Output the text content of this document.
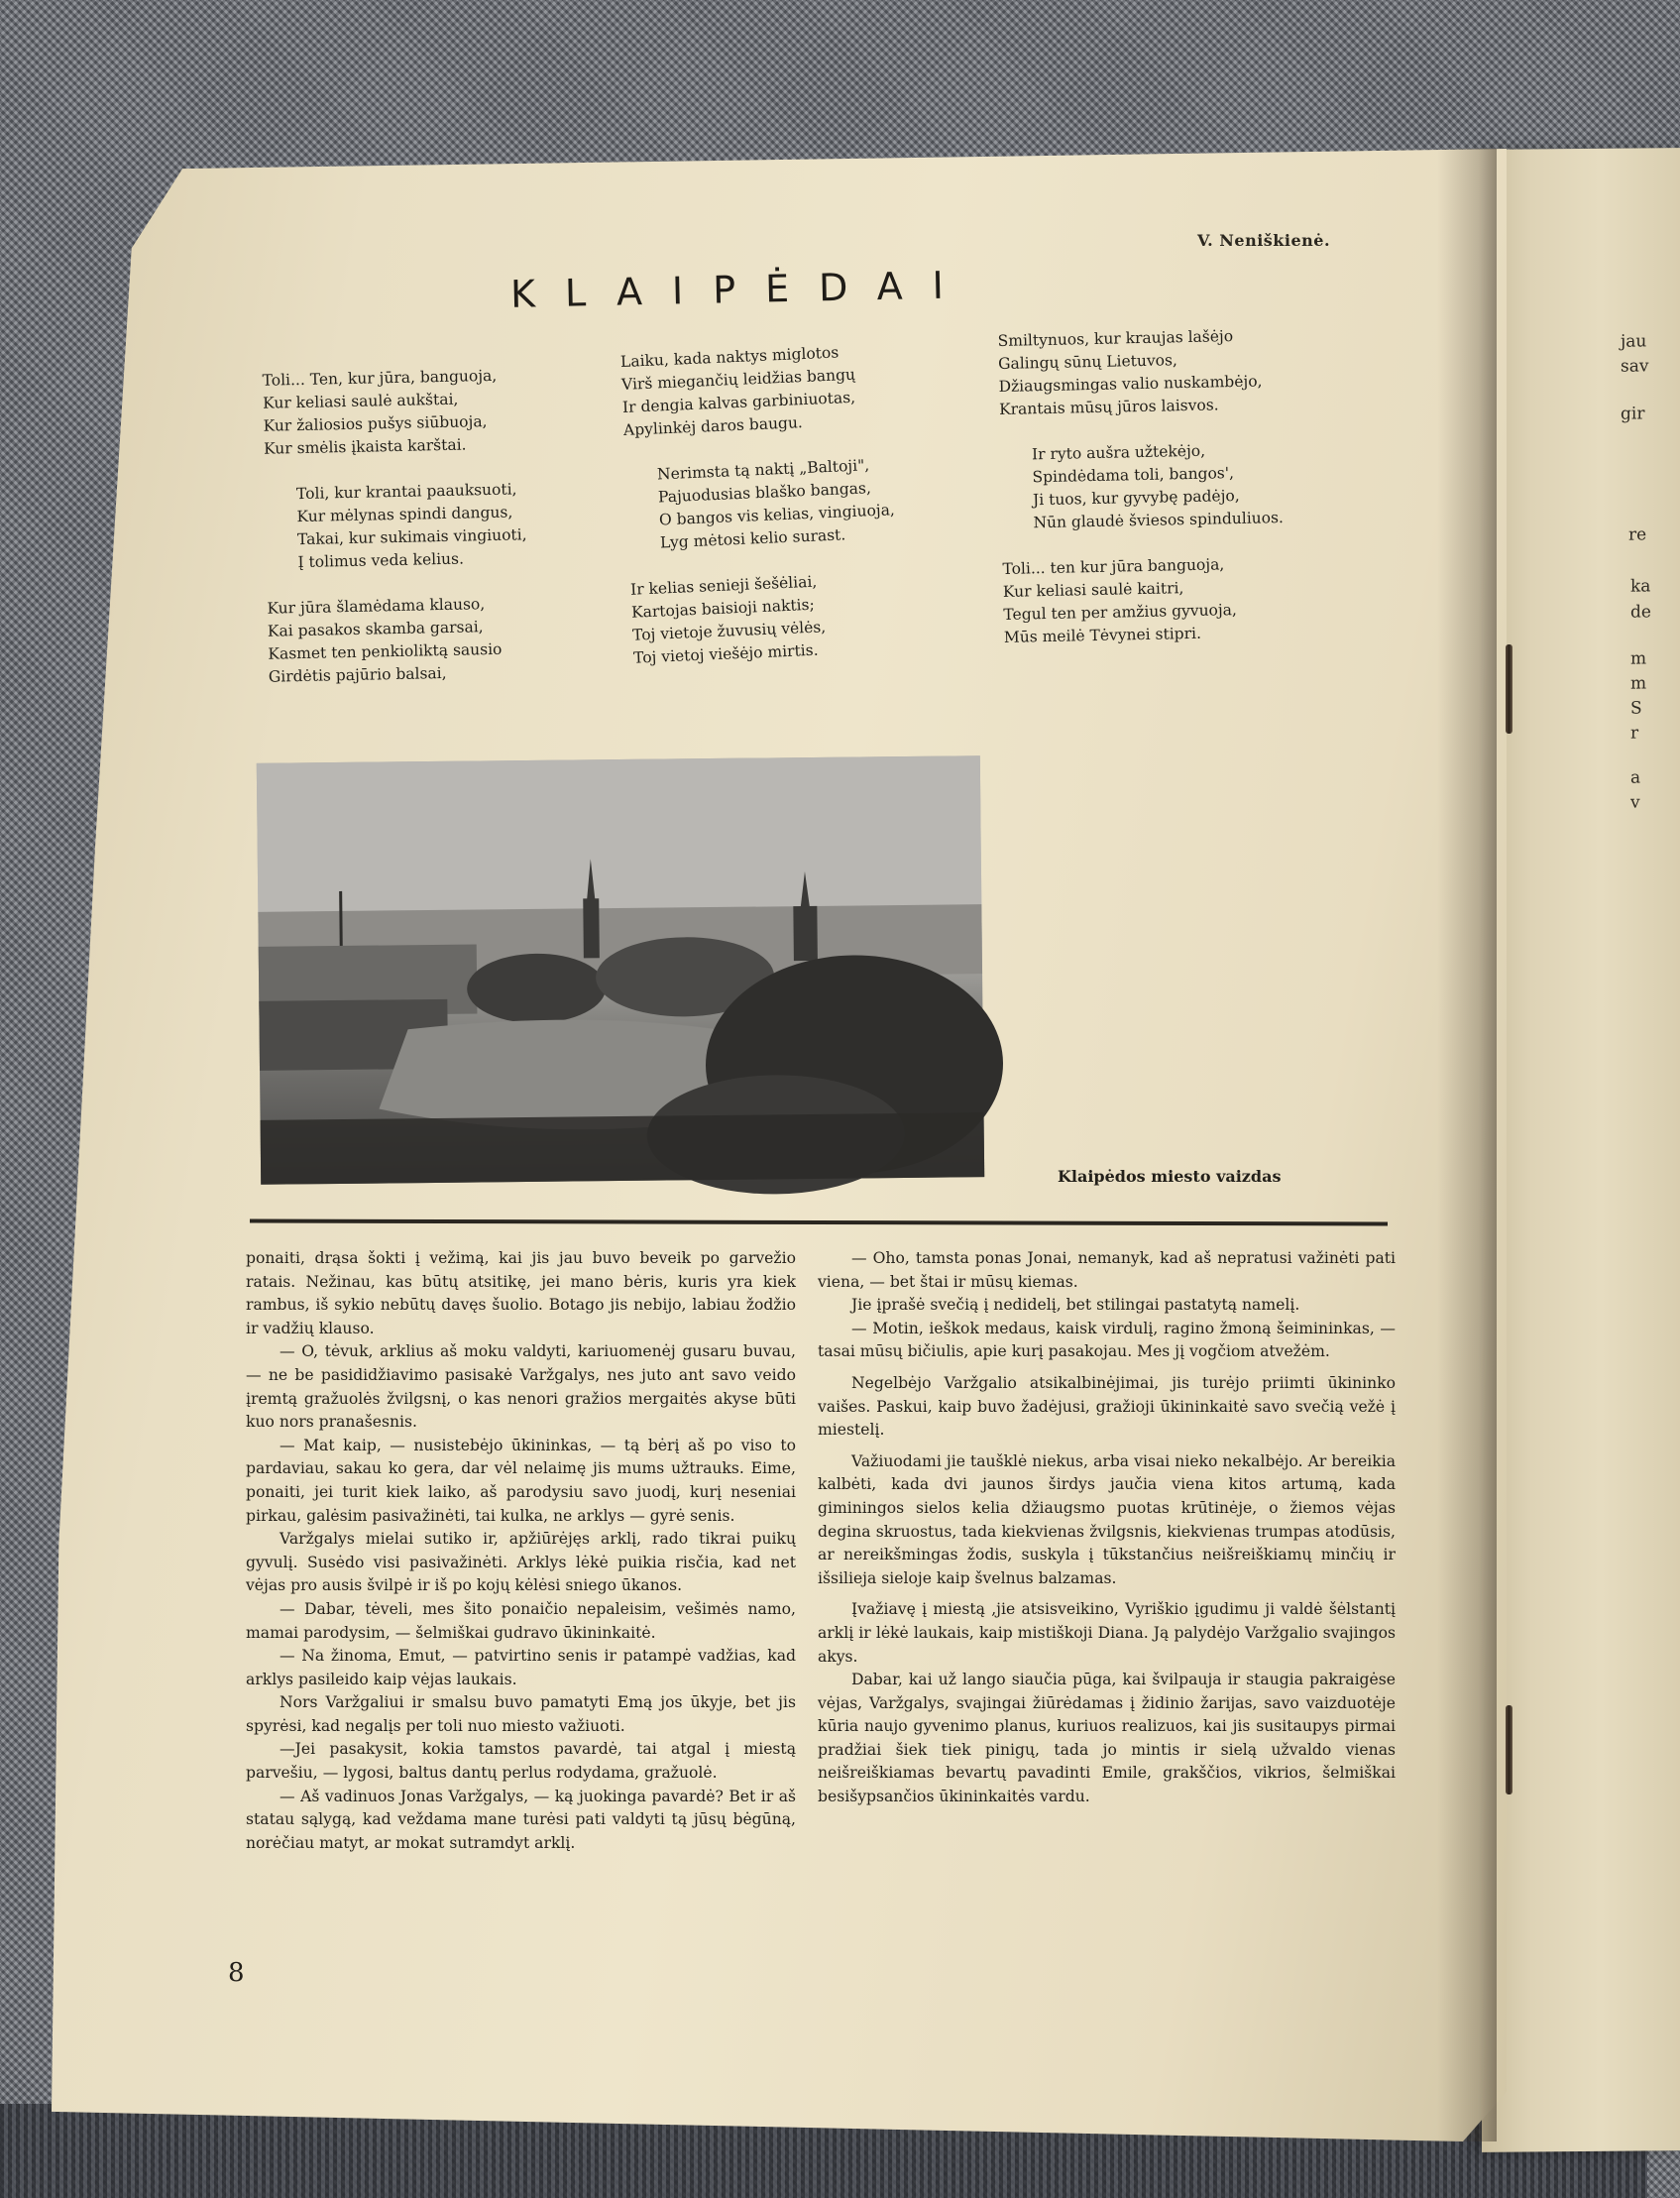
jau
sav
gir
re
ka
de
m
m
S
r
a
v
V. Neniškienė.
KLAIPĖDAI
Toli... Ten, kur jūra, banguoja,
Kur keliasi saulė aukštai,
Kur žaliosios pušys siūbuoja,
Kur smėlis įkaista karštai.
Toli, kur krantai paauksuoti,
Kur mėlynas spindi dangus,
Takai, kur sukimais vingiuoti,
Į tolimus veda kelius.
Kur jūra šlamėdama klauso,
Kai pasakos skamba garsai,
Kasmet ten penkioliktą sausio
Girdėtis pajūrio balsai,
Laiku, kada naktys miglotos
Virš miegančių leidžias bangų
Ir dengia kalvas garbiniuotas,
Apylinkėj daros baugu.
Nerimsta tą naktį „Baltoji",
Pajuodusias blaško bangas,
O bangos vis kelias, vingiuoja,
Lyg mėtosi kelio surast.
Ir kelias senieji šešėliai,
Kartojas baisioji naktis;
Toj vietoje žuvusių vėlės,
Toj vietoj viešėjo mirtis.
Smiltynuos, kur kraujas lašėjo
Galingų sūnų Lietuvos,
Džiaugsmingas valio nuskambėjo,
Krantais mūsų jūros laisvos.
Ir ryto aušra užtekėjo,
Spindėdama toli, bangos',
Ji tuos, kur gyvybę padėjo,
Nūn glaudė šviesos spinduliuos.
Toli... ten kur jūra banguoja,
Kur keliasi saulė kaitri,
Tegul ten per amžius gyvuoja,
Mūs meilė Tėvynei stipri.
Klaipėdos miesto vaizdas

ponaiti, drąsa šokti į vežimą, kai jis jau buvo beveik po garvežio ratais. Nežinau, kas būtų atsitikę, jei mano bėris, kuris yra kiek rambus, iš sykio nebūtų davęs šuolio. Botago jis nebijo, labiau žodžio ir vadžių klauso.

— O, tėvuk, arklius aš moku valdyti, kariuomenėj gusaru buvau, — ne be pasididžiavimo pasisakė Varžgalys, nes juto ant savo veido įremtą gražuolės žvilgsnį, o kas nenori gražios mergaitės akyse būti kuo nors pranašesnis.

— Mat kaip, — nusistebėjo ūkininkas, — tą bėrį aš po viso to pardaviau, sakau ko gera, dar vėl nelaimę jis mums užtrauks. Eime, ponaiti, jei turit kiek laiko, aš parodysiu savo juodį, kurį neseniai pirkau, galėsim pasivažinėti, tai kulka, ne arklys — gyrė senis.

Varžgalys mielai sutiko ir, apžiūrėjęs arklį, rado tikrai puikų gyvulį. Susėdo visi pasivažinėti. Arklys lėkė puikia risčia, kad net vėjas pro ausis švilpė ir iš po kojų kėlėsi sniego ūkanos.

— Dabar, tėveli, mes šito ponaičio nepaleisim, vešimės namo, mamai parodysim, — šelmiškai gudravo ūkininkaitė.

— Na žinoma, Emut, — patvirtino senis ir patampė vadžias, kad arklys pasileido kaip vėjas laukais.

Nors Varžgaliui ir smalsu buvo pamatyti Emą jos ūkyje, bet jis spyrėsi, kad negalįs per toli nuo miesto važiuoti.

—Jei pasakysit, kokia tamstos pavardė, tai atgal į miestą parvešiu, — lygosi, baltus dantų perlus rodydama, gražuolė.

— Aš vadinuos Jonas Varžgalys, — ką juokinga pavardė? Bet ir aš statau sąlygą, kad veždama mane turėsi pati valdyti tą jūsų bėgūną, norėčiau matyt, ar mokat sutramdyt arklį.

— Oho, tamsta ponas Jonai, nemanyk, kad aš nepratusi važinėti pati viena, — bet štai ir mūsų kiemas.

Jie įprašė svečią į nedidelį, bet stilingai pastatytą namelį.

— Motin, ieškok medaus, kaisk virdulį, ragino žmoną šeimininkas, — tasai mūsų bičiulis, apie kurį pasakojau. Mes jį vogčiom atvežėm.

Negelbėjo Varžgalio atsikalbinėjimai, jis turėjo priimti ūkininko vaišes. Paskui, kaip buvo žadėjusi, gražioji ūkininkaitė savo svečią vežė į miestelį.

Važiuodami jie taušklė niekus, arba visai nieko nekalbėjo. Ar bereikia kalbėti, kada dvi jaunos širdys jaučia viena kitos artumą, kada giminingos sielos kelia džiaugsmo puotas krūtinėje, o žiemos vėjas degina skruostus, tada kiekvienas žvilgsnis, kiekvienas trumpas atodūsis, ar nereikšmingas žodis, suskyla į tūkstančius neišreiškiamų minčių ir išsilieja sieloje kaip švelnus balzamas.

Įvažiavę į miestą ,jie atsisveikino, Vyriškio įgudimu ji valdė šėlstantį arklį ir lėkė laukais, kaip mistiškoji Diana. Ją palydėjo Varžgalio svajingos akys.

Dabar, kai už lango siaučia pūga, kai švilpauja ir staugia pakraigėse vėjas, Varžgalys, svajingai žiūrėdamas į židinio žarijas, savo vaizduotėje kūria naujo gyvenimo planus, kuriuos realizuos, kai jis susitaupys pirmai pradžiai šiek tiek pinigų, tada jo mintis ir sielą užvaldo vienas neišreiškiamas bevartų pavadinti Emile, grakščios, vikrios, šelmiškai besišypsančios ūkininkaitės vardu.

8
